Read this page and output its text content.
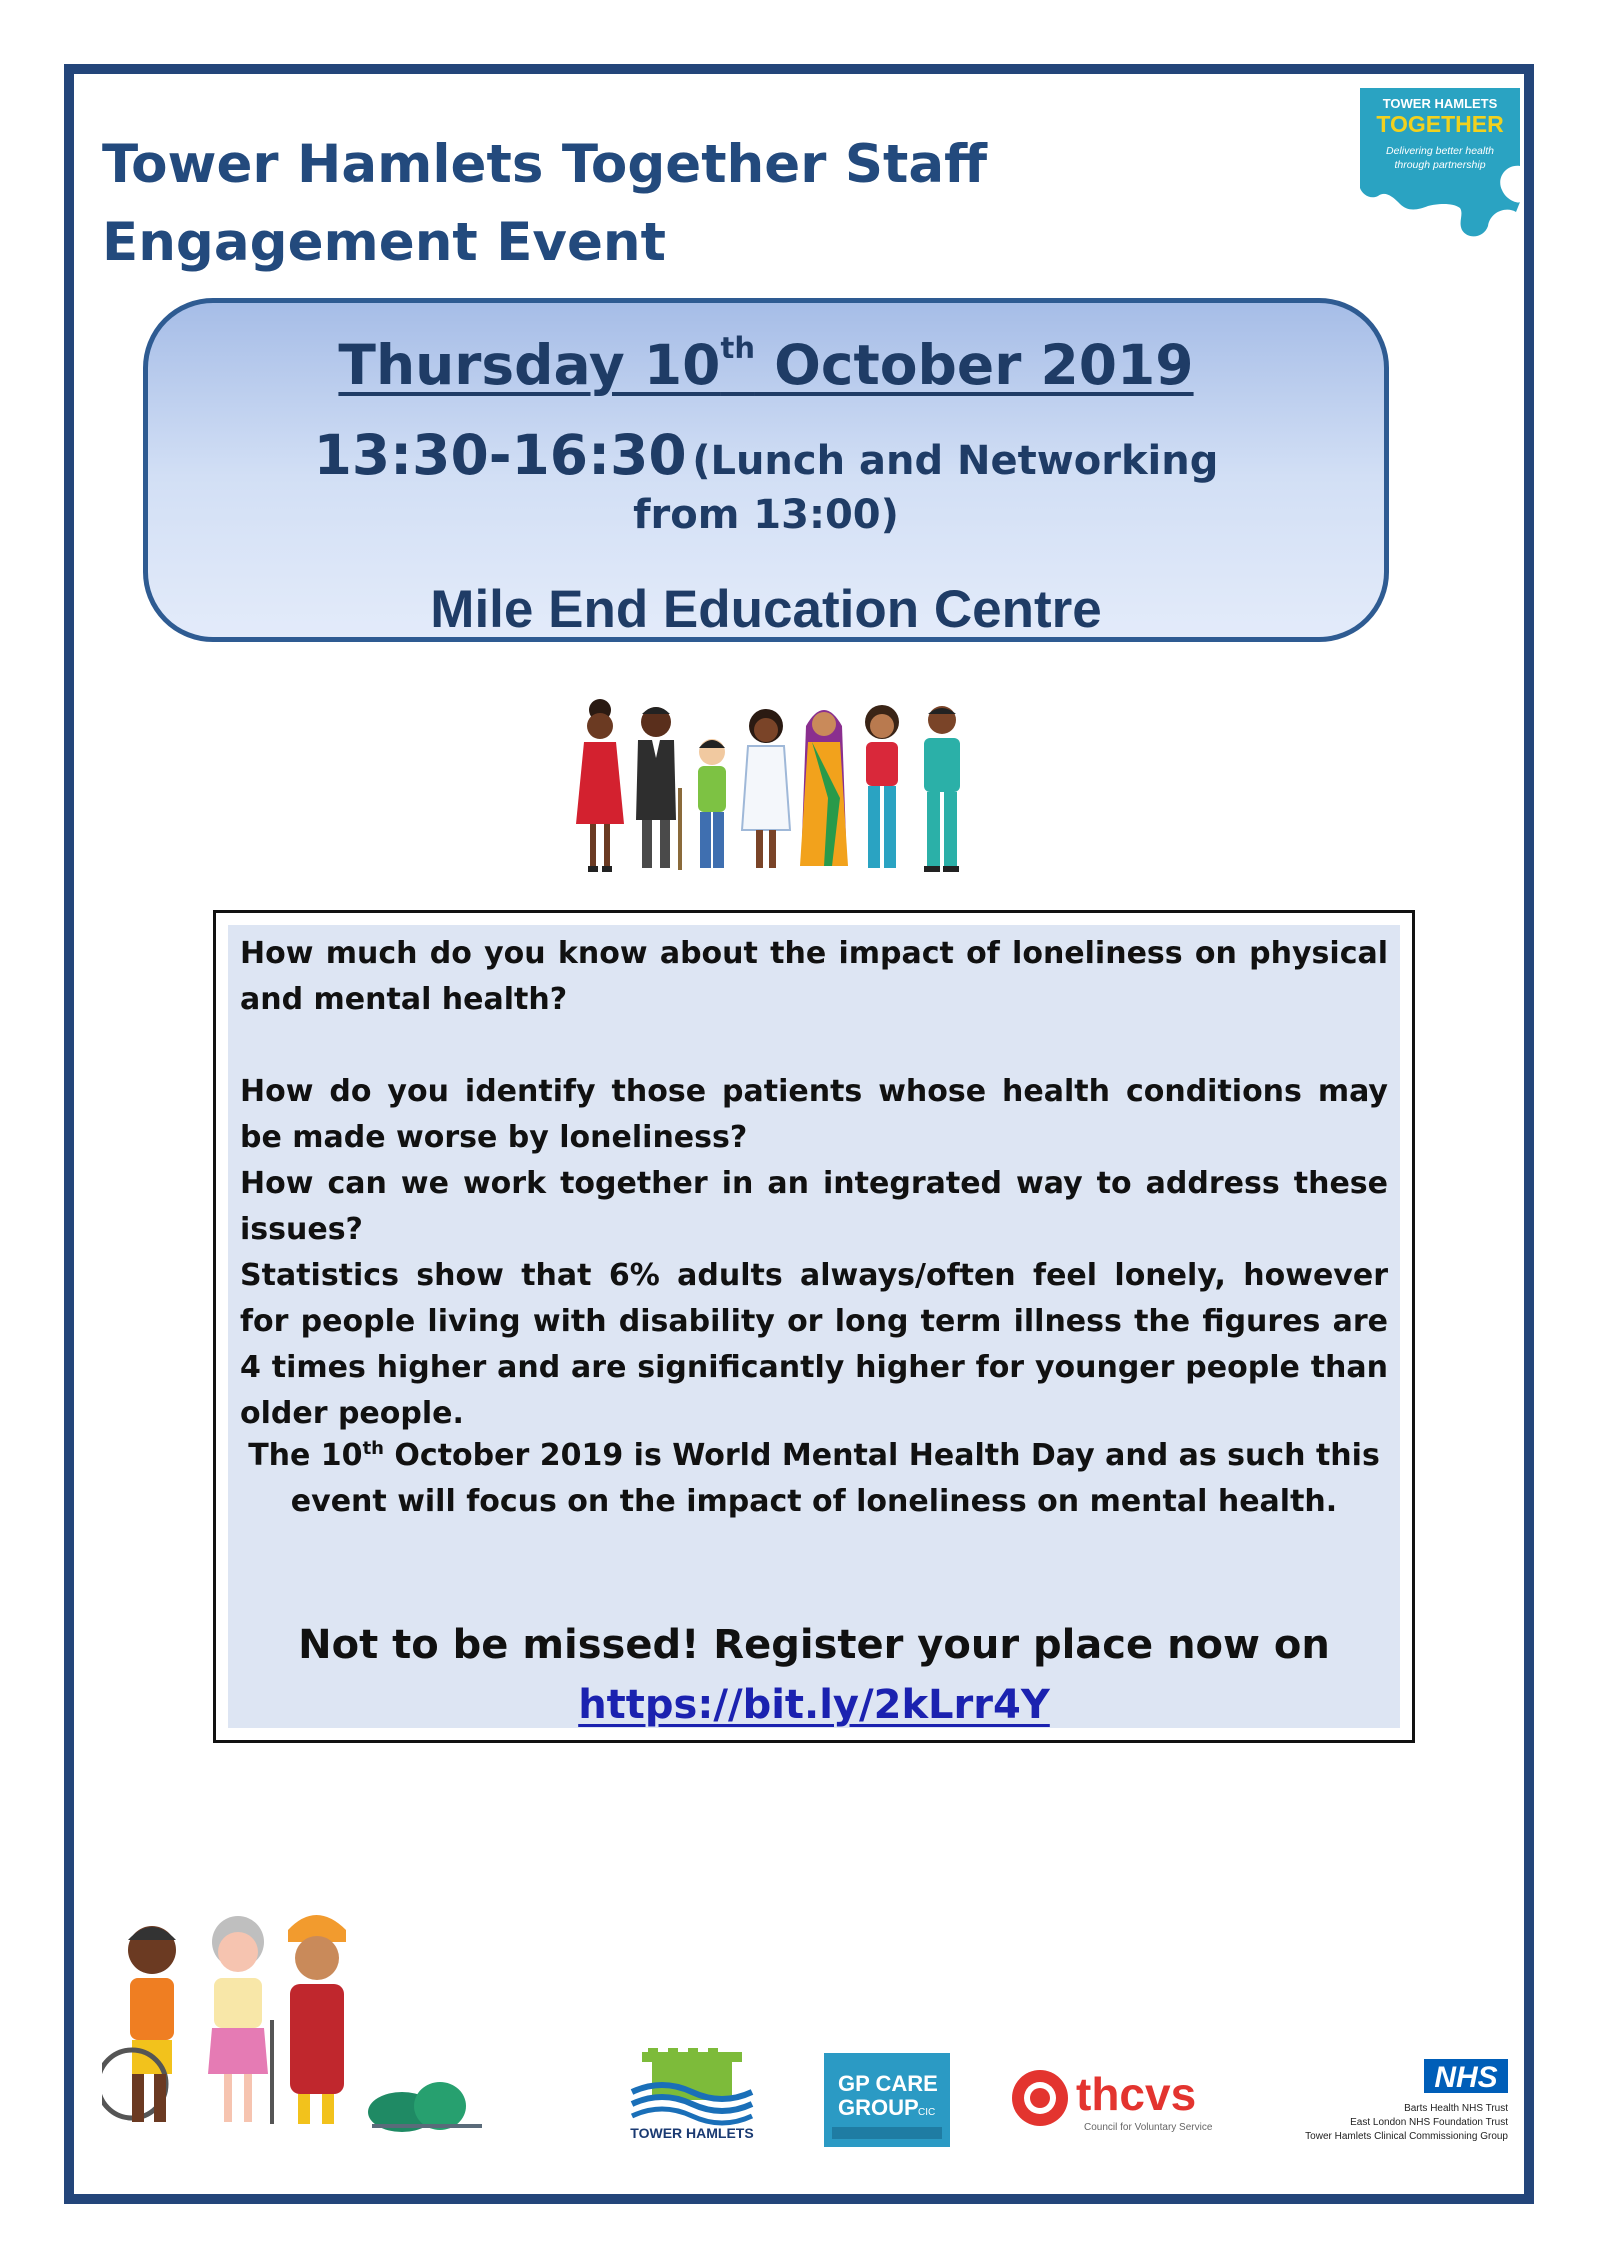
Tower Hamlets Together Staff
Engagement Event
TOWER HAMLETS
TOGETHER
Delivering better health
through partnership
Thursday 10th October 2019
13:30-16:30 (Lunch and Networking
from 13:00)
Mile End Education Centre

How much do you know about the impact of loneliness on physical and mental health?

How do you identify those patients whose health conditions may be made worse by loneliness?

How can we work together in an integrated way to address these issues?

Statistics show that 6% adults always/often feel lonely, however for people living with disability or long term illness the figures are 4 times higher and are significantly higher for younger people than older people.

The 10th October 2019 is World Mental Health Day and as such this event will focus on the impact of loneliness on mental health.

Not to be missed! Register your place now on
https://bit.ly/2kLrr4Y
TOWER HAMLETS
GP CARE
GROUP CIC	thcvs
Council for Voluntary Service
NHS
Barts Health NHS Trust
East London NHS Foundation Trust
Tower Hamlets Clinical Commissioning Group
